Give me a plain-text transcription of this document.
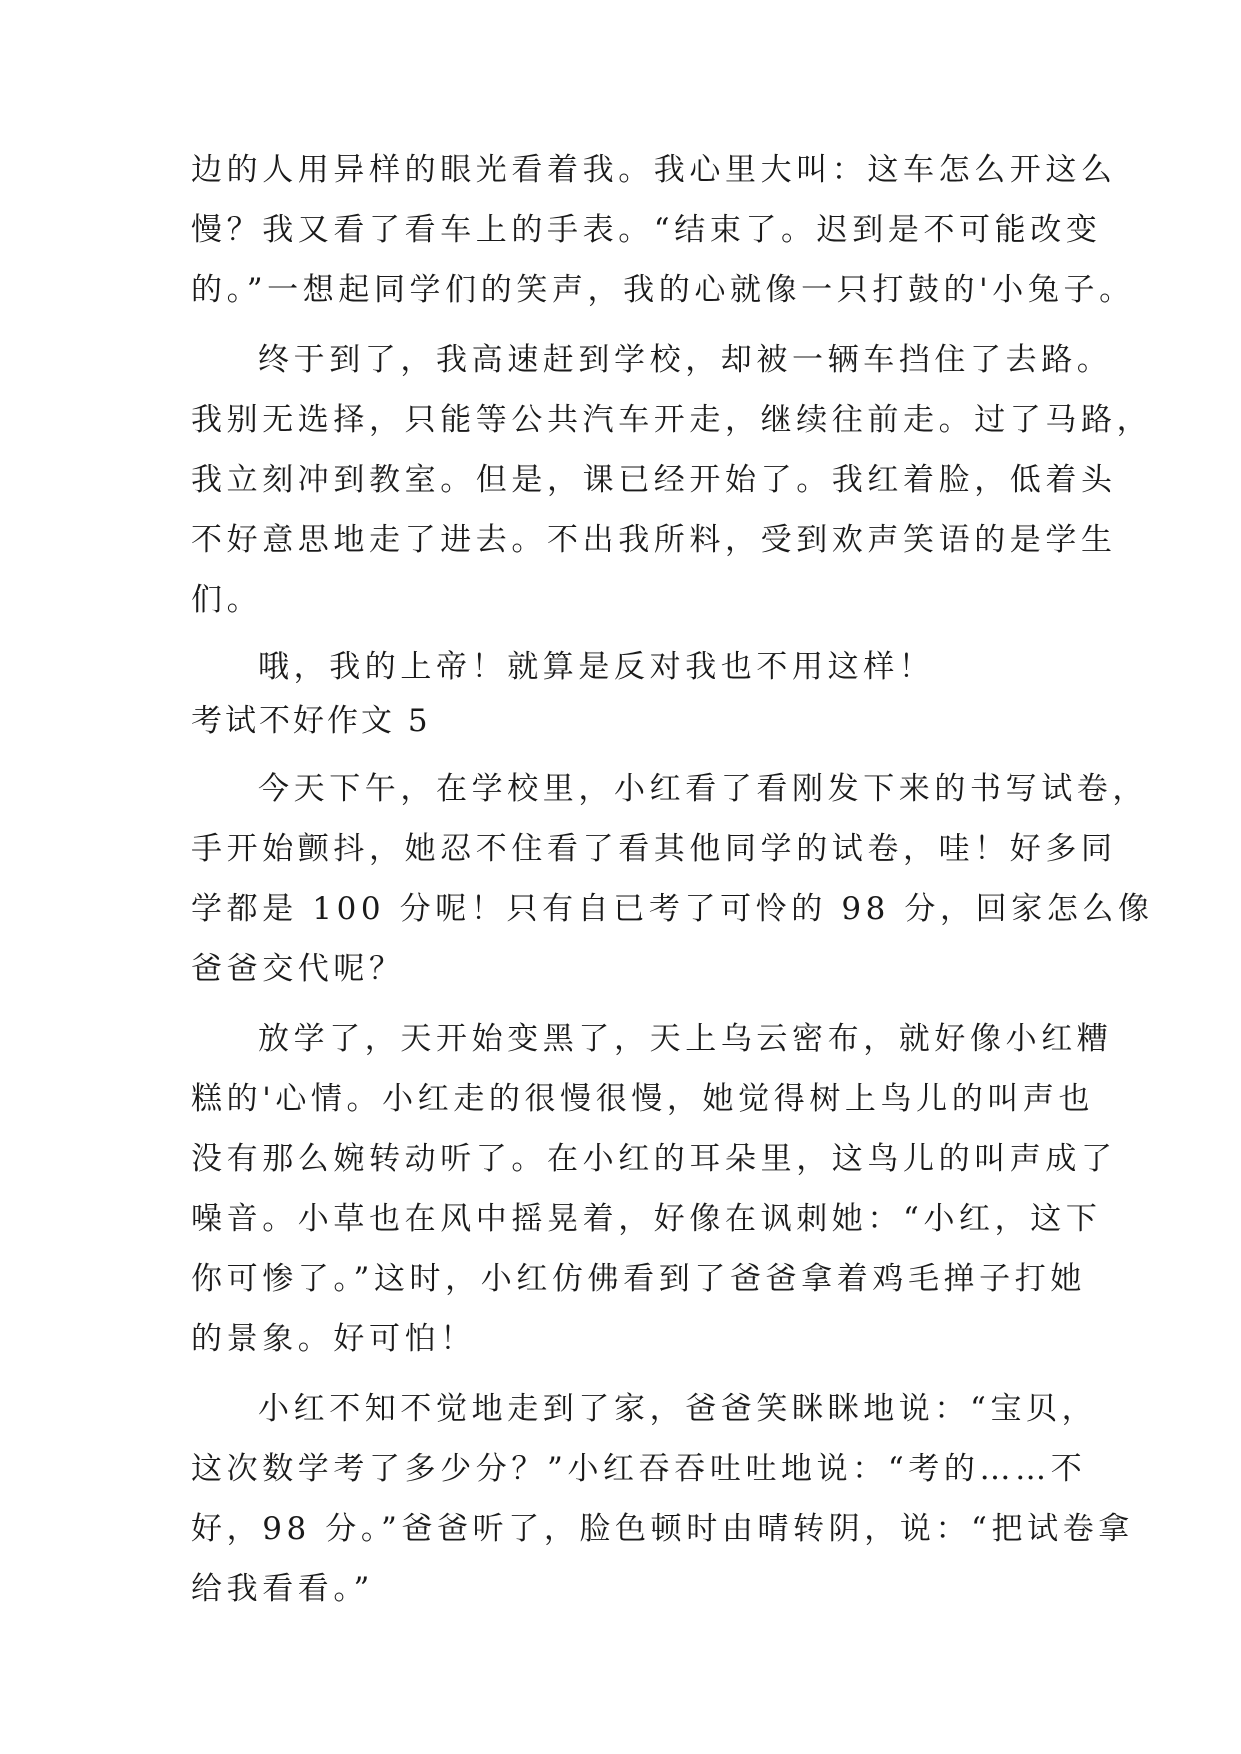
边的人用异样的眼光看着我。我心里大叫：这车怎么开这么
慢？我又看了看车上的手表。“结束了。迟到是不可能改变
的。”一想起同学们的笑声，我的心就像一只打鼓的'小兔子。
终于到了，我高速赶到学校，却被一辆车挡住了去路。
我别无选择，只能等公共汽车开走，继续往前走。过了马路，
我立刻冲到教室。但是，课已经开始了。我红着脸，低着头
不好意思地走了进去。不出我所料，受到欢声笑语的是学生
们。
哦，我的上帝！就算是反对我也不用这样！
考试不好作文 5
今天下午，在学校里，小红看了看刚发下来的书写试卷，
手开始颤抖，她忍不住看了看其他同学的试卷，哇！好多同
学都是 100 分呢！只有自已考了可怜的 98 分，回家怎么像
爸爸交代呢？
放学了，天开始变黑了，天上乌云密布，就好像小红糟
糕的'心情。小红走的很慢很慢，她觉得树上鸟儿的叫声也
没有那么婉转动听了。在小红的耳朵里，这鸟儿的叫声成了
噪音。小草也在风中摇晃着，好像在讽刺她：“小红，这下
你可惨了。”这时，小红仿佛看到了爸爸拿着鸡毛掸子打她
的景象。好可怕！
小红不知不觉地走到了家，爸爸笑眯眯地说：“宝贝，
这次数学考了多少分？”小红吞吞吐吐地说：“考的……不
好，98 分。”爸爸听了，脸色顿时由晴转阴，说：“把试卷拿
给我看看。”
